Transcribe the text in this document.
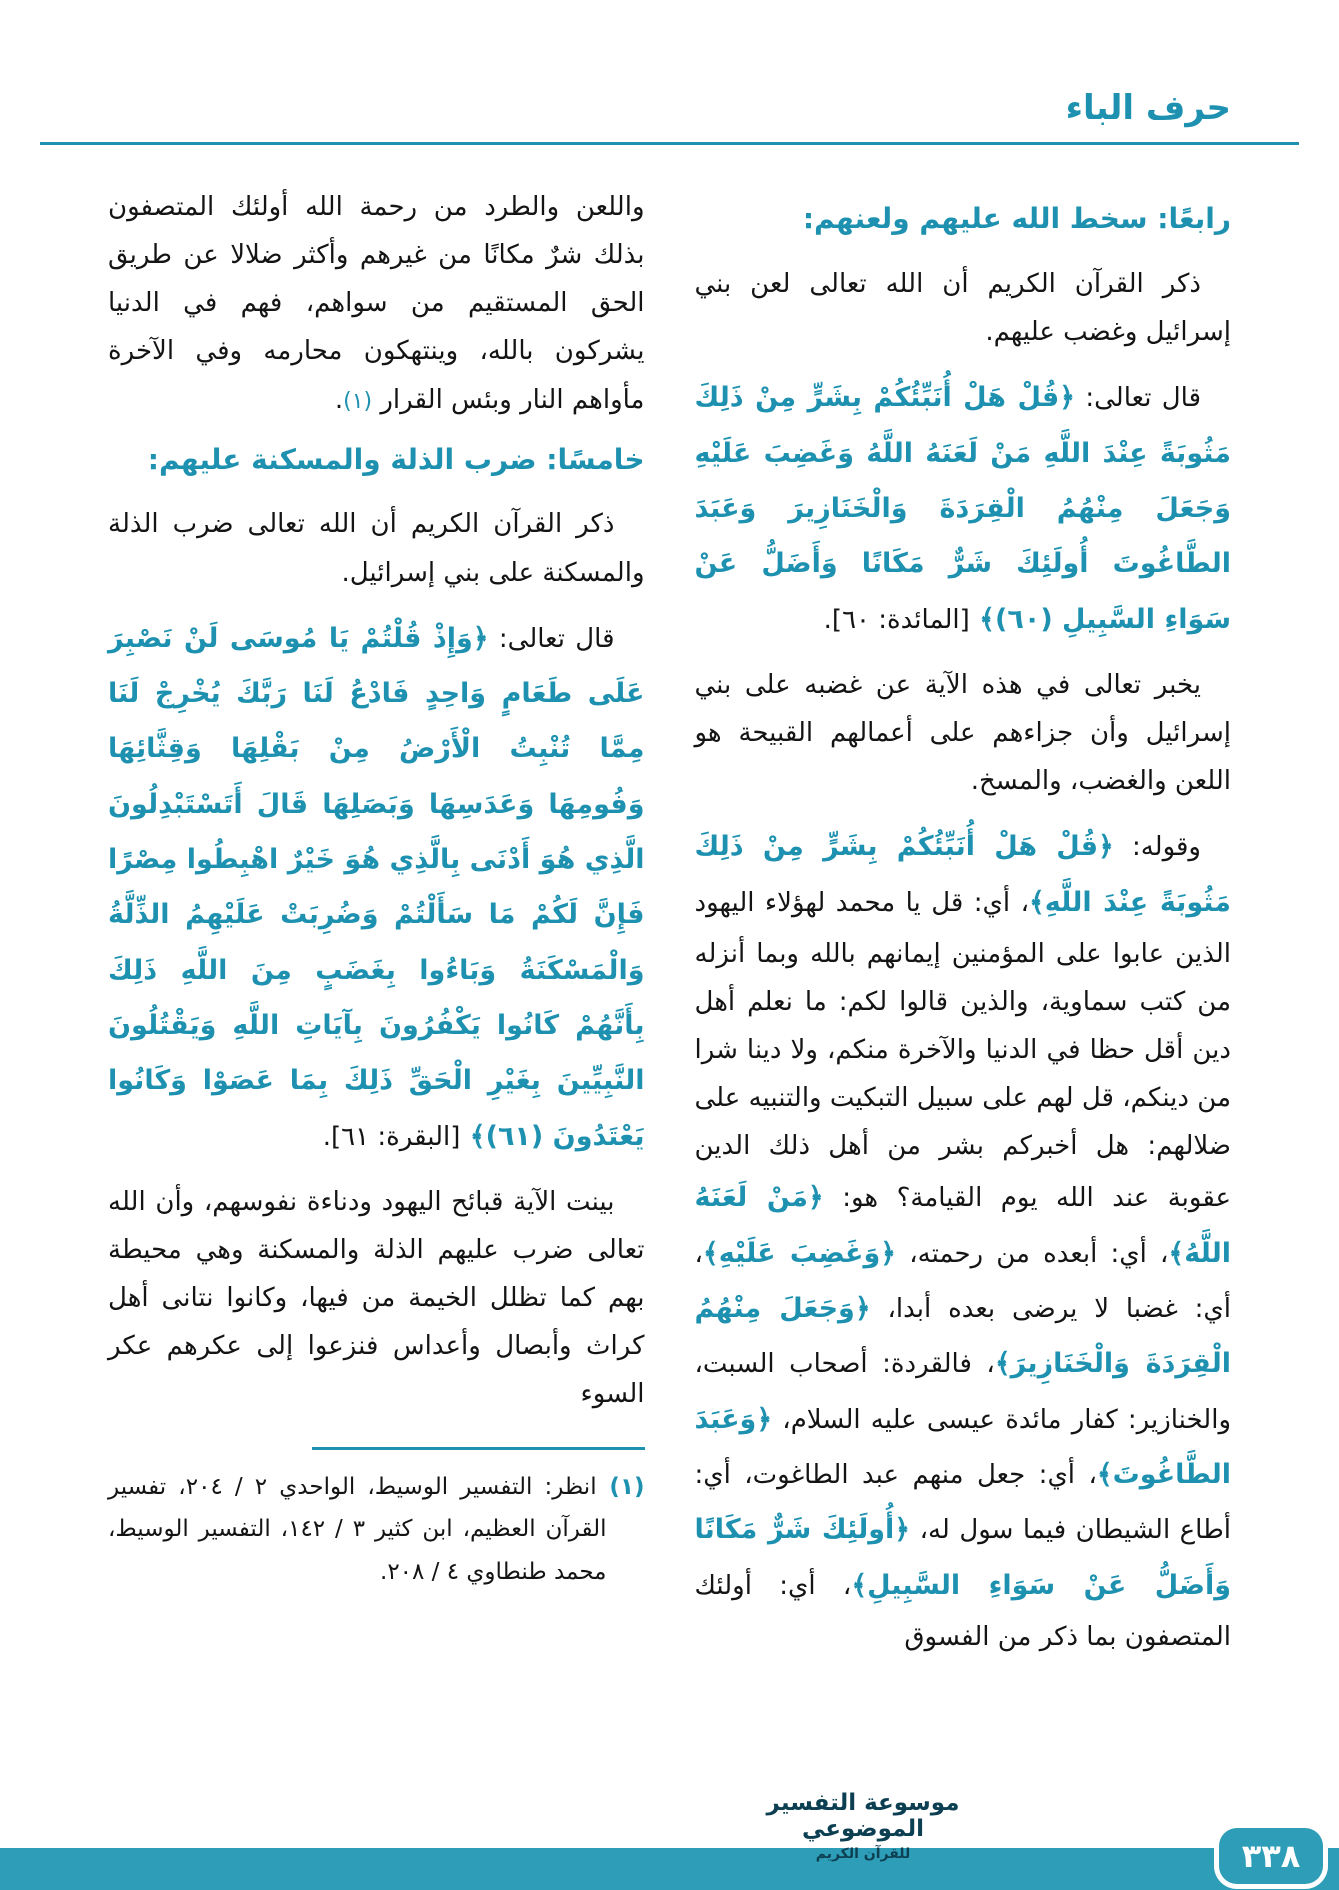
حرف الباء
رابعًا: سخط الله عليهم ولعنهم:

ذكر القرآن الكريم أن الله تعالى لعن بني إسرائيل وغضب عليهم.

قال تعالى: ﴿قُلْ هَلْ أُنَبِّئُكُمْ بِشَرٍّ مِنْ ذَلِكَ مَثُوبَةً عِنْدَ اللَّهِ مَنْ لَعَنَهُ اللَّهُ وَغَضِبَ عَلَيْهِ وَجَعَلَ مِنْهُمُ الْقِرَدَةَ وَالْخَنَازِيرَ وَعَبَدَ الطَّاغُوتَ أُولَئِكَ شَرٌّ مَكَانًا وَأَضَلُّ عَنْ سَوَاءِ السَّبِيلِ (٦٠)﴾ [المائدة: ٦٠].

يخبر تعالى في هذه الآية عن غضبه على بني إسرائيل وأن جزاءهم على أعمالهم القبيحة هو اللعن والغضب، والمسخ.

وقوله: ﴿قُلْ هَلْ أُنَبِّئُكُمْ بِشَرٍّ مِنْ ذَلِكَ مَثُوبَةً عِنْدَ اللَّهِ﴾، أي: قل يا محمد لهؤلاء اليهود الذين عابوا على المؤمنين إيمانهم بالله وبما أنزله من كتب سماوية، والذين قالوا لكم: ما نعلم أهل دين أقل حظا في الدنيا والآخرة منكم، ولا دينا شرا من دينكم، قل لهم على سبيل التبكيت والتنبيه على ضلالهم: هل أخبركم بشر من أهل ذلك الدين عقوبة عند الله يوم القيامة؟ هو: ﴿مَنْ لَعَنَهُ اللَّهُ﴾، أي: أبعده من رحمته، ﴿وَغَضِبَ عَلَيْهِ﴾، أي: غضبا لا يرضى بعده أبدا، ﴿وَجَعَلَ مِنْهُمُ الْقِرَدَةَ وَالْخَنَازِيرَ﴾، فالقردة: أصحاب السبت، والخنازير: كفار مائدة عيسى عليه السلام، ﴿وَعَبَدَ الطَّاغُوتَ﴾، أي: جعل منهم عبد الطاغوت، أي: أطاع الشيطان فيما سول له، ﴿أُولَئِكَ شَرٌّ مَكَانًا وَأَضَلُّ عَنْ سَوَاءِ السَّبِيلِ﴾، أي: أولئك المتصفون بما ذكر من الفسوق

واللعن والطرد من رحمة الله أولئك المتصفون بذلك شرٌ مكانًا من غيرهم وأكثر ضلالا عن طريق الحق المستقيم من سواهم، فهم في الدنيا يشركون بالله، وينتهكون محارمه وفي الآخرة مأواهم النار وبئس القرار (١).

خامسًا: ضرب الذلة والمسكنة عليهم:

ذكر القرآن الكريم أن الله تعالى ضرب الذلة والمسكنة على بني إسرائيل.

قال تعالى: ﴿وَإِذْ قُلْتُمْ يَا مُوسَى لَنْ نَصْبِرَ عَلَى طَعَامٍ وَاحِدٍ فَادْعُ لَنَا رَبَّكَ يُخْرِجْ لَنَا مِمَّا تُنْبِتُ الْأَرْضُ مِنْ بَقْلِهَا وَقِثَّائِهَا وَفُومِهَا وَعَدَسِهَا وَبَصَلِهَا قَالَ أَتَسْتَبْدِلُونَ الَّذِي هُوَ أَدْنَى بِالَّذِي هُوَ خَيْرٌ اهْبِطُوا مِصْرًا فَإِنَّ لَكُمْ مَا سَأَلْتُمْ وَضُرِبَتْ عَلَيْهِمُ الذِّلَّةُ وَالْمَسْكَنَةُ وَبَاءُوا بِغَضَبٍ مِنَ اللَّهِ ذَلِكَ بِأَنَّهُمْ كَانُوا يَكْفُرُونَ بِآيَاتِ اللَّهِ وَيَقْتُلُونَ النَّبِيِّينَ بِغَيْرِ الْحَقِّ ذَلِكَ بِمَا عَصَوْا وَكَانُوا يَعْتَدُونَ (٦١)﴾ [البقرة: ٦١].

بينت الآية قبائح اليهود ودناءة نفوسهم، وأن الله تعالى ضرب عليهم الذلة والمسكنة وهي محيطة بهم كما تظلل الخيمة من فيها، وكانوا نتانى أهل كراث وأبصال وأعداس فنزعوا إلى عكرهم عكر السوء

(١) انظر: التفسير الوسيط، الواحدي ٢ / ٢٠٤، تفسير القرآن العظيم، ابن كثير ٣ / ١٤٢، التفسير الوسيط، محمد طنطاوي ٤ / ٢٠٨.

موسوعة التفسير الموضوعي
للقرآن الكريم	٣٣٨
